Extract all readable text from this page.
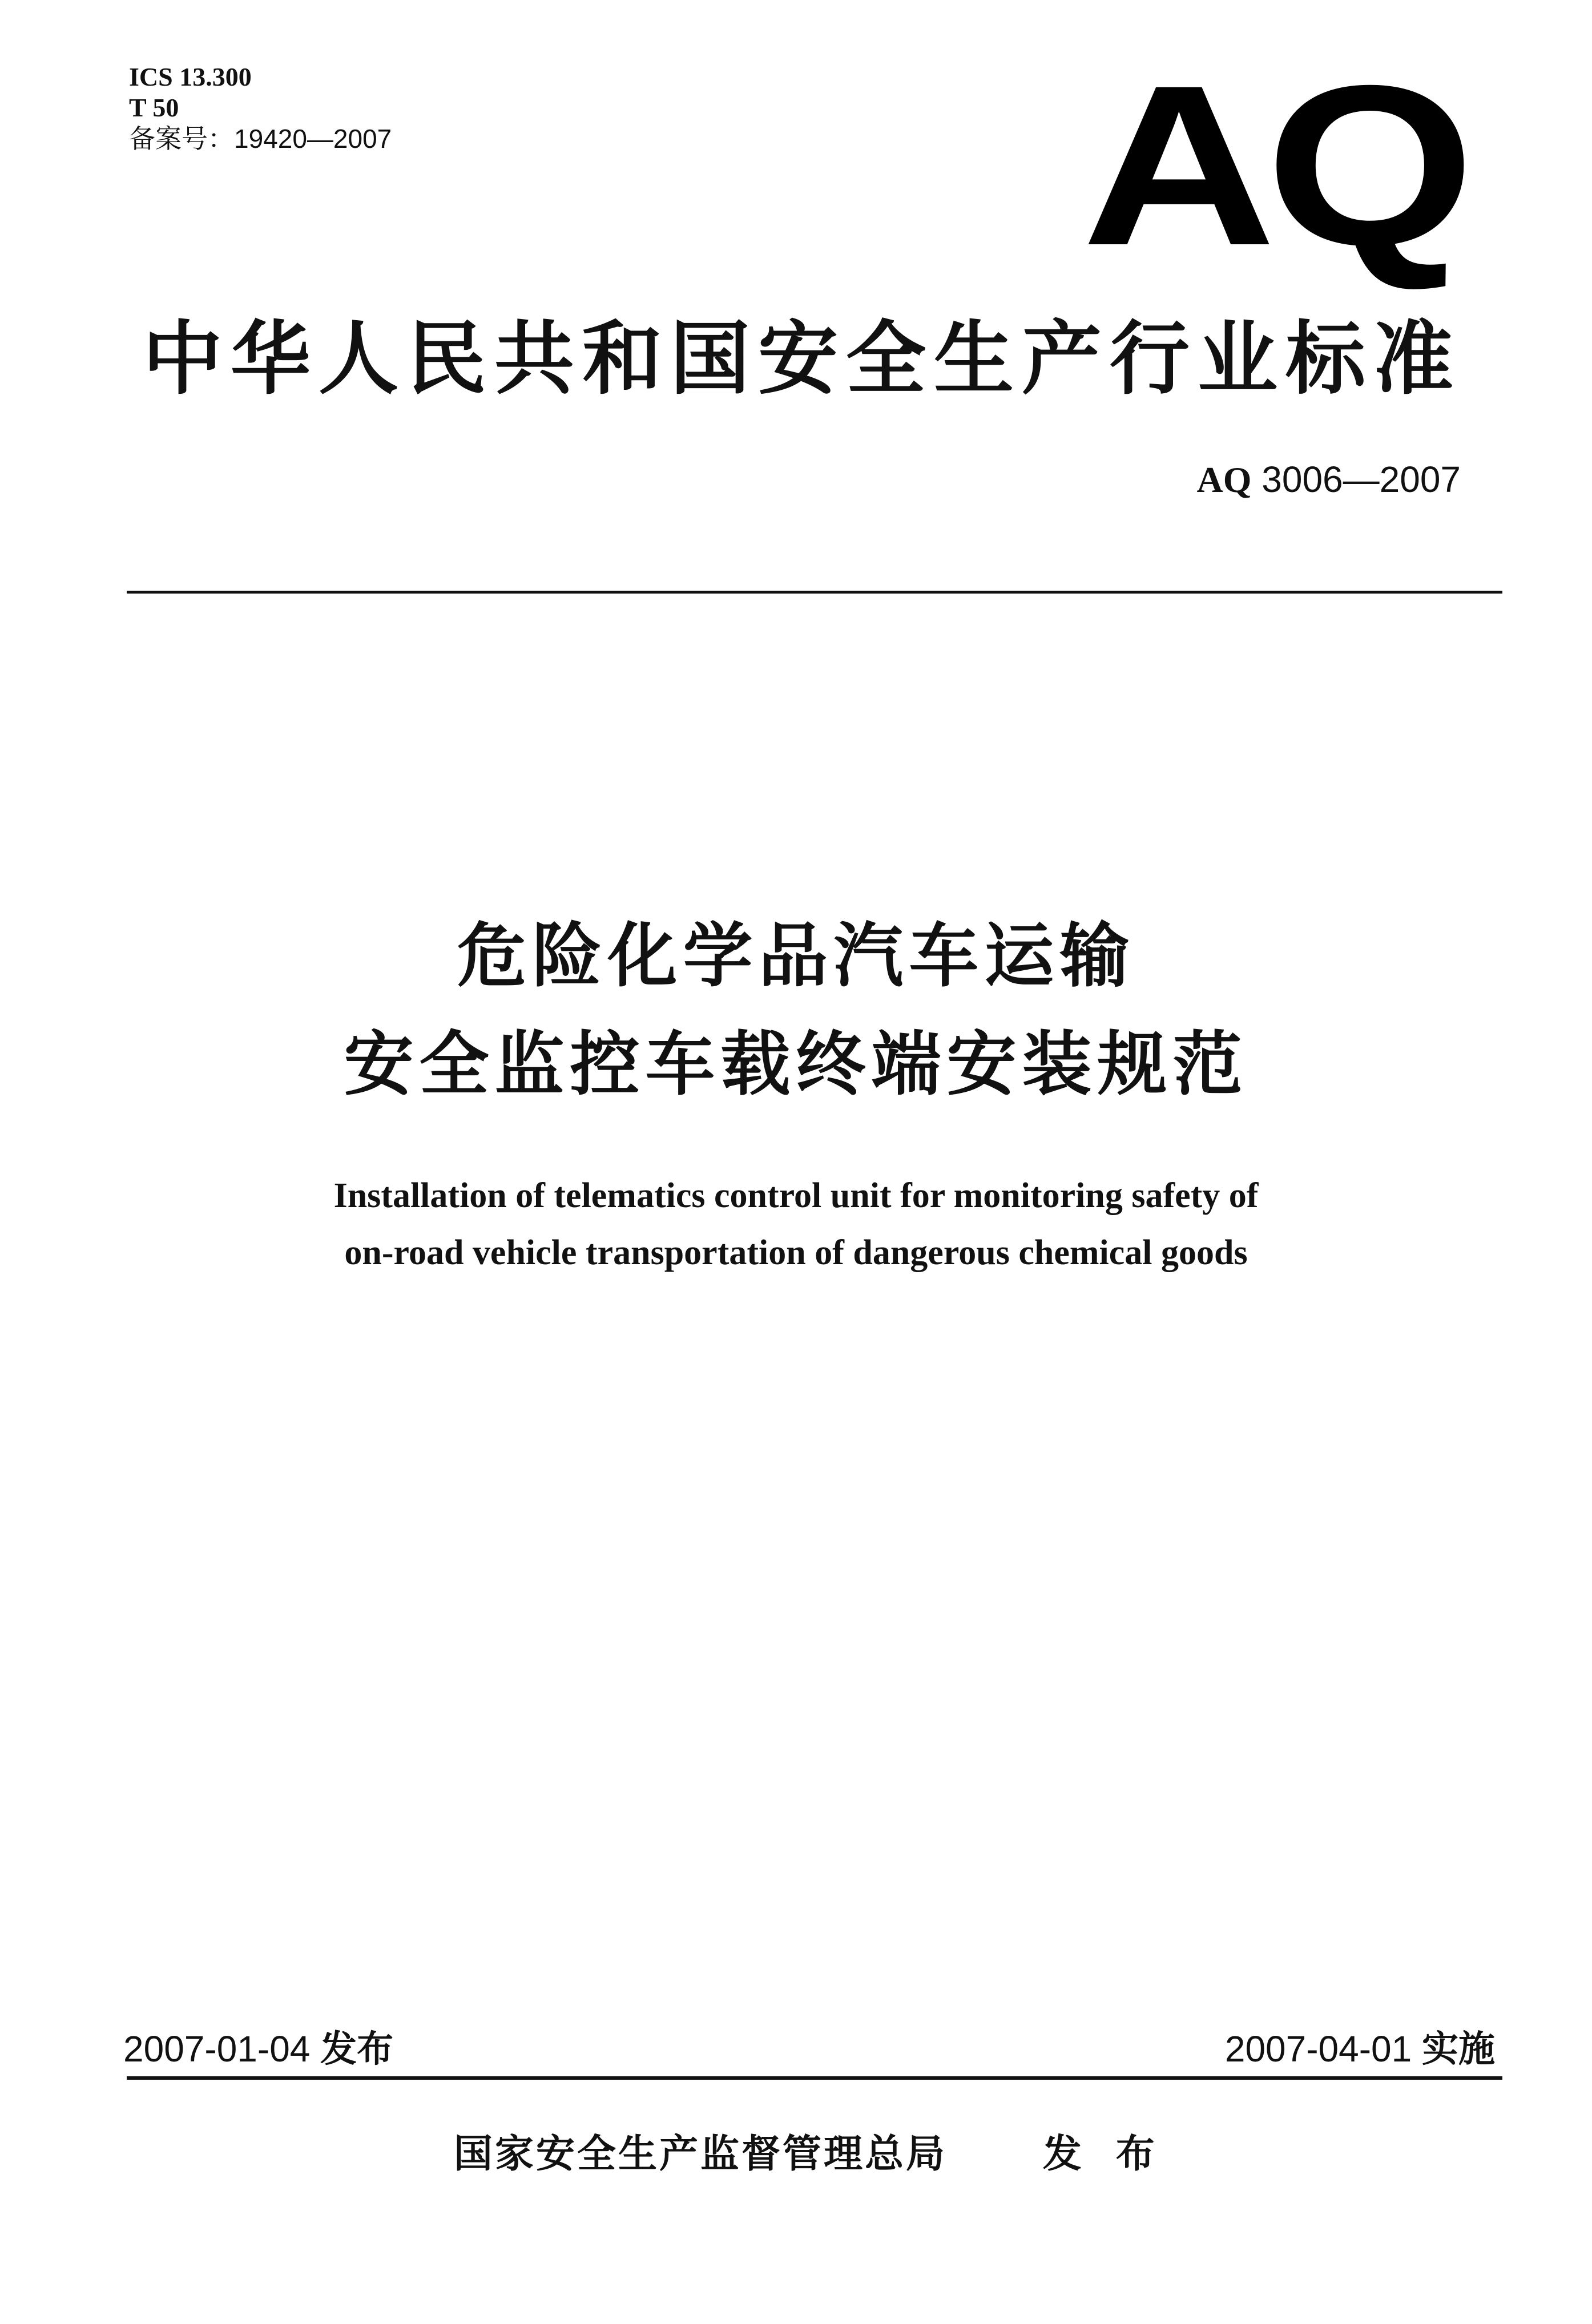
ICS 13.300
T 50
备案号：19420—2007	AQ
中华人民共和国安全生产行业标准
AQ 3006—2007
危险化学品汽车运输
安全监控车载终端安装规范
Installation of telematics control unit for monitoring safety of
on-road vehicle transportation of dangerous chemical goods
2007-01-04 发布	2007-04-01 实施
国家安全生产监督管理总局 发布
